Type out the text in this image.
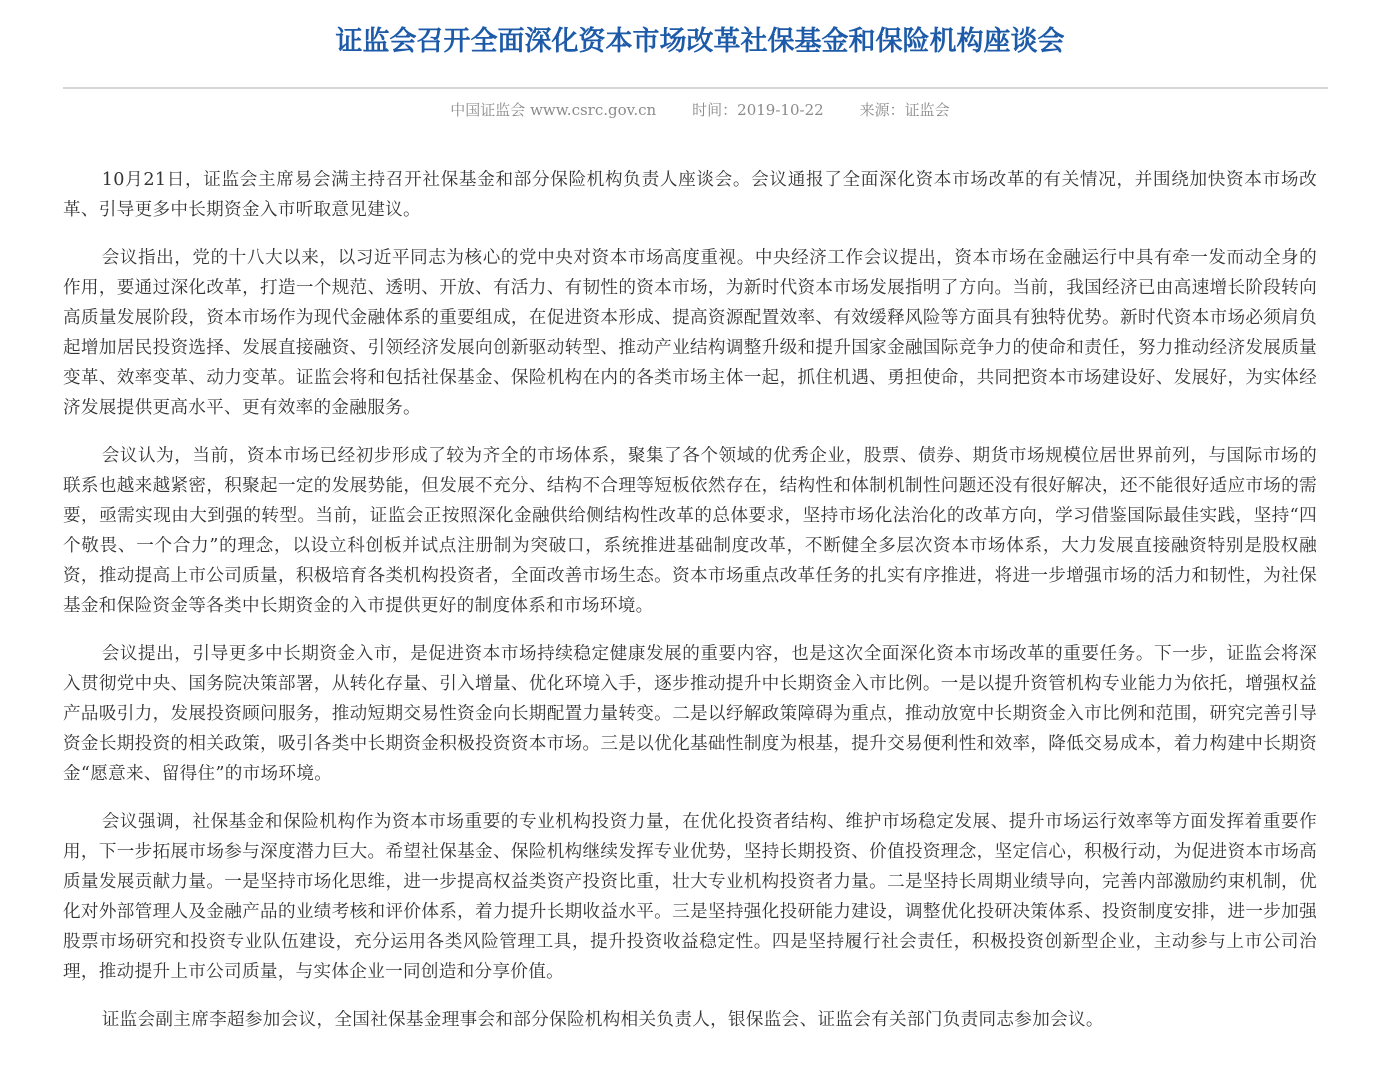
证监会召开全面深化资本市场改革社保基金和保险机构座谈会
中国证监会 www.csrc.gov.cn 时间：2019-10-22 来源：证监会

10月21日，证监会主席易会满主持召开社保基金和部分保险机构负责人座谈会。会议通报了全面深化资本市场改革的有关情况，并围绕加快资本市场改革、引导更多中长期资金入市听取意见建议。

会议指出，党的十八大以来，以习近平同志为核心的党中央对资本市场高度重视。中央经济工作会议提出，资本市场在金融运行中具有牵一发而动全身的作用，要通过深化改革，打造一个规范、透明、开放、有活力、有韧性的资本市场，为新时代资本市场发展指明了方向。当前，我国经济已由高速增长阶段转向高质量发展阶段，资本市场作为现代金融体系的重要组成，在促进资本形成、提高资源配置效率、有效缓释风险等方面具有独特优势。新时代资本市场必须肩负起增加居民投资选择、发展直接融资、引领经济发展向创新驱动转型、推动产业结构调整升级和提升国家金融国际竞争力的使命和责任，努力推动经济发展质量变革、效率变革、动力变革。证监会将和包括社保基金、保险机构在内的各类市场主体一起，抓住机遇、勇担使命，共同把资本市场建设好、发展好，为实体经济发展提供更高水平、更有效率的金融服务。

会议认为，当前，资本市场已经初步形成了较为齐全的市场体系，聚集了各个领域的优秀企业，股票、债券、期货市场规模位居世界前列，与国际市场的联系也越来越紧密，积聚起一定的发展势能，但发展不充分、结构不合理等短板依然存在，结构性和体制机制性问题还没有很好解决，还不能很好适应市场的需要，亟需实现由大到强的转型。当前，证监会正按照深化金融供给侧结构性改革的总体要求，坚持市场化法治化的改革方向，学习借鉴国际最佳实践，坚持“四个敬畏、一个合力”的理念，以设立科创板并试点注册制为突破口，系统推进基础制度改革，不断健全多层次资本市场体系，大力发展直接融资特别是股权融资，推动提高上市公司质量，积极培育各类机构投资者，全面改善市场生态。资本市场重点改革任务的扎实有序推进，将进一步增强市场的活力和韧性，为社保基金和保险资金等各类中长期资金的入市提供更好的制度体系和市场环境。

会议提出，引导更多中长期资金入市，是促进资本市场持续稳定健康发展的重要内容，也是这次全面深化资本市场改革的重要任务。下一步，证监会将深入贯彻党中央、国务院决策部署，从转化存量、引入增量、优化环境入手，逐步推动提升中长期资金入市比例。一是以提升资管机构专业能力为依托，增强权益产品吸引力，发展投资顾问服务，推动短期交易性资金向长期配置力量转变。二是以纾解政策障碍为重点，推动放宽中长期资金入市比例和范围，研究完善引导资金长期投资的相关政策，吸引各类中长期资金积极投资资本市场。三是以优化基础性制度为根基，提升交易便利性和效率，降低交易成本，着力构建中长期资金“愿意来、留得住”的市场环境。

会议强调，社保基金和保险机构作为资本市场重要的专业机构投资力量，在优化投资者结构、维护市场稳定发展、提升市场运行效率等方面发挥着重要作用，下一步拓展市场参与深度潜力巨大。希望社保基金、保险机构继续发挥专业优势，坚持长期投资、价值投资理念，坚定信心，积极行动，为促进资本市场高质量发展贡献力量。一是坚持市场化思维，进一步提高权益类资产投资比重，壮大专业机构投资者力量。二是坚持长周期业绩导向，完善内部激励约束机制，优化对外部管理人及金融产品的业绩考核和评价体系，着力提升长期收益水平。三是坚持强化投研能力建设，调整优化投研决策体系、投资制度安排，进一步加强股票市场研究和投资专业队伍建设，充分运用各类风险管理工具，提升投资收益稳定性。四是坚持履行社会责任，积极投资创新型企业，主动参与上市公司治理，推动提升上市公司质量，与实体企业一同创造和分享价值。

证监会副主席李超参加会议，全国社保基金理事会和部分保险机构相关负责人，银保监会、证监会有关部门负责同志参加会议。
